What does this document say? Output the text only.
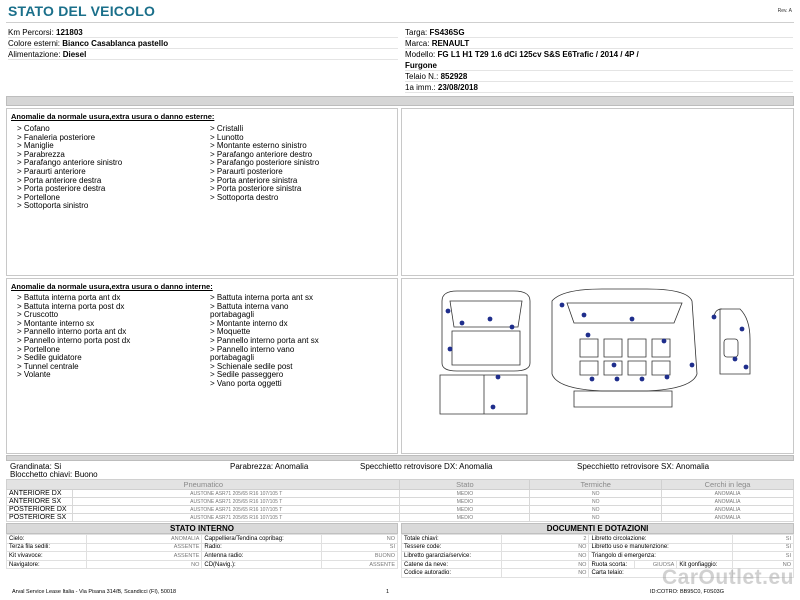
STATO DEL VEICOLO	Rev. A
Km Percorsi: 121803
Colore esterni: Bianco Casablanca pastello
Alimentazione: Diesel
Targa: FS436SG
Marca: RENAULT
Modello: FG L1 H1 T29 1.6 dCi 125cv S&S E6Trafic / 2014 / 4P /
Furgone
Telaio N.: 852928
1a imm.: 23/08/2018
Anomalie da normale usura,extra usura o danno esterne:
> Cofano
> Fanaleria posteriore
> Maniglie
> Parabrezza
> Parafango anteriore sinistro
> Paraurti anteriore
> Porta anteriore destra
> Porta posteriore destra
> Portellone
> Sottoporta sinistro
> Cristalli
> Lunotto
> Montante esterno sinistro
> Parafango anteriore destro
> Parafango posteriore sinistro
> Paraurti posteriore
> Porta anteriore sinistra
> Porta posteriore sinistra
> Sottoporta destro
Anomalie da normale usura,extra usura o danno interne:
> Battuta interna porta ant dx
> Battuta interna porta post dx
> Cruscotto
> Montante interno sx
> Pannello interno porta ant dx
> Pannello interno porta post dx
> Portellone
> Sedile guidatore
> Tunnel centrale
> Volante
> Battuta interna porta ant sx
> Battuta interna vano
portabagagli
> Montante interno dx
> Moquette
> Pannello interno porta ant sx
> Pannello interno vano
portabagagli
> Schienale sedile post
> Sedile passeggero
> Vano porta oggetti
Grandinata: Si
Blocchetto chiavi: Buono
Parabrezza: Anomalia	Specchietto retrovisore DX: Anomalia	Specchietto retrovisore SX: Anomalia
Pneumatico		Stato	Termiche	Cerchi in lega
ANTERIORE DX	AUSTONE ASR71 205/65 R16 107/105 T	MEDIO	NO	ANOMALIA
ANTERIORE SX	AUSTONE ASR71 205/65 R16 107/105 T	MEDIO	NO	ANOMALIA
POSTERIORE DX	AUSTONE ASR71 205/65 R16 107/105 T	MEDIO	NO	ANOMALIA
POSTERIORE SX	AUSTONE ASR71 205/65 R16 107/105 T	MEDIO	NO	ANOMALIA
STATO INTERNO
Cielo:	ANOMALIA	Cappelliera/Tendina copribag:	NO
Terza fila sedili:	ASSENTE	Radio:	SI
Kit vivavoce:	ASSENTE	Antenna radio:	BUONO
Navigatore:	NO	CD(Navig.):	ASSENTE
DOCUMENTI E DOTAZIONI
Totale chiavi:	2	Libretto circolazione:			SI
Tessere code:	NO	Libretto uso e manutenzione:			SI
Libretto garanzia/service:	NO	Triangolo di emergenza:			SI
Catene da neve:	NO	Ruota scorta:	GIUOSA	Kit gonfiaggio:	NO
Codice autoradio:	NO	Carta telaio:			
Arval Service Lease Italia - Via Pisana 314/B, Scandicci (FI), 50018	1	ID:COTRO: BB95C0, F0S03G
CarOutlet.eu
